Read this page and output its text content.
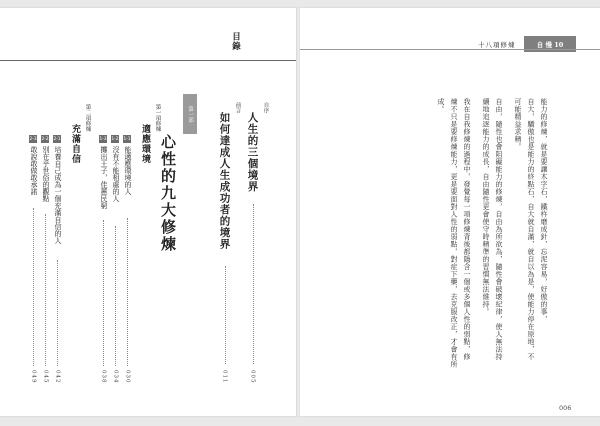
目錄
自序
人生的三個境界
005
前言
如何達成人生成功者的境界
011
第一部
心性的九大修煉
第一項修煉
適應環境
1-1
能適應環境的人
030
1-2
沒有不能相處的人
034
1-3
攤出王子，佳蕙民窮
038
第二項修煉
充滿自信
2-1
培養自己成為一個充滿自信的人
042
2-2
別在乎世俗的觀點
045
2-3
敢說敢做敢承諾
049
十八項修煉	自 慢 10
能力的修煉，就是要讓木字石，鐵杵磨成針，忘泥容易，好傲的事，
自大，驕傲也是能力的終點石，自大就自滿，就自以為是，使能力停在原地，不
可能精益求精。
自由，隨性也會阻礙能力的修煉，自由為所欲為，隨性會破壞紀律，使人無法持
續地追逐能力的成長，自由隨性更會使守時精準的習慣無法維持。
我在自我修煉的過程中，發覺每一項修煉背後都隱含一個或多個人性的弱點，修
煉不只是要修煉能力，更是要面對人性的弱點，對症下藥，去克服改正，才會有所
成。
006
